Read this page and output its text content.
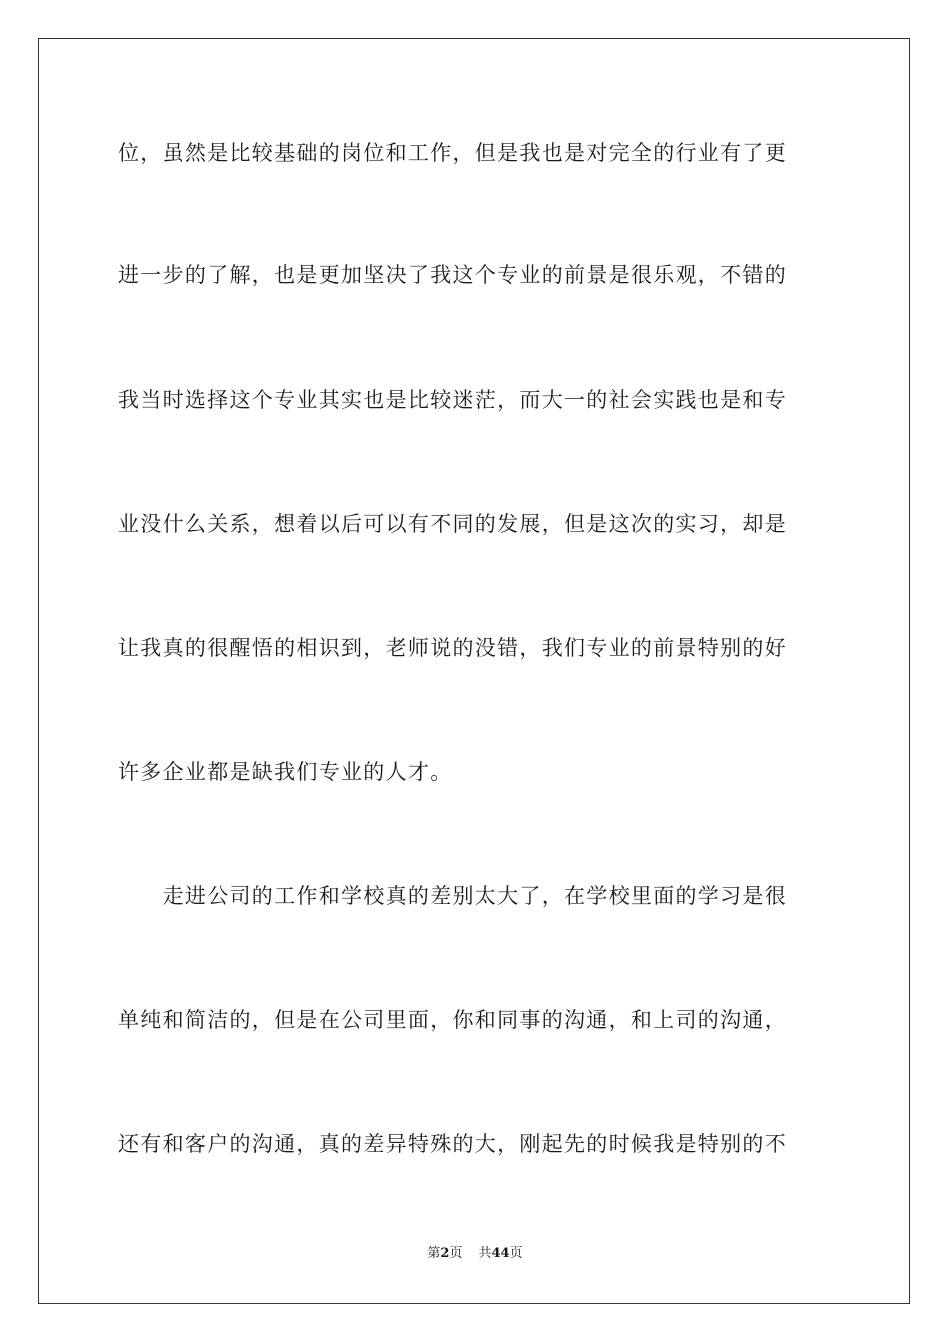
位，虽然是比较基础的岗位和工作，但是我也是对完全的行业有了更
进一步的了解，也是更加坚决了我这个专业的前景是很乐观，不错的
我当时选择这个专业其实也是比较迷茫，而大一的社会实践也是和专
业没什么关系，想着以后可以有不同的发展，但是这次的实习，却是
让我真的很醒悟的相识到，老师说的没错，我们专业的前景特别的好
许多企业都是缺我们专业的人才。
　　走进公司的工作和学校真的差别太大了，在学校里面的学习是很
单纯和简洁的，但是在公司里面，你和同事的沟通，和上司的沟通，
还有和客户的沟通，真的差异特殊的大，刚起先的时候我是特别的不
第2页 共44页
